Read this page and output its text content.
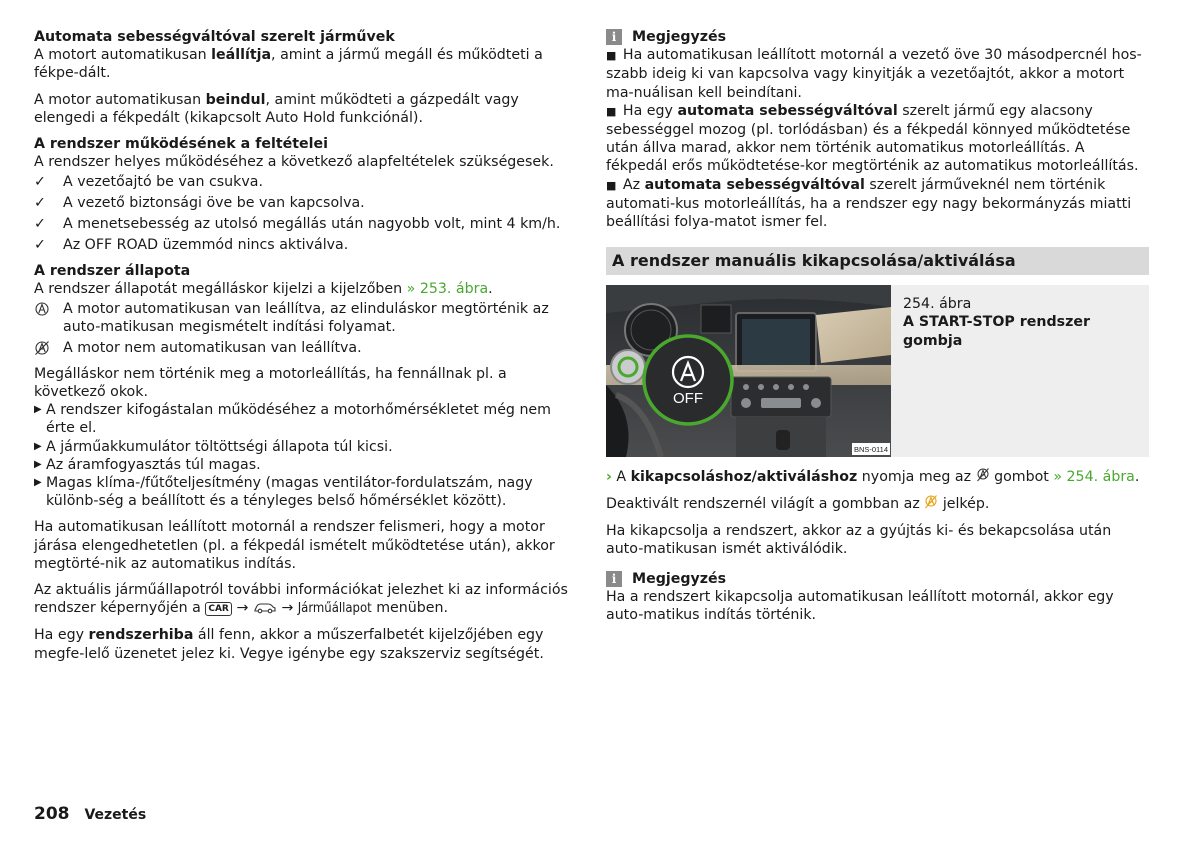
Automata sebességváltóval szerelt járművek

A motort automatikusan leállítja, amint a jármű megáll és működteti a fékpe-dált.

A motor automatikusan beindul, amint működteti a gázpedált vagy elengedi a fékpedált (kikapcsolt Auto Hold funkciónál).

A rendszer működésének a feltételei

A rendszer helyes működéséhez a következő alapfeltételek szükségesek.

✓ A vezetőajtó be van csukva.
✓ A vezető biztonsági öve be van kapcsolva.
✓ A menetsebesség az utolsó megállás után nagyobb volt, mint 4 km/h.
✓ Az OFF ROAD üzemmód nincs aktiválva.

A rendszer állapota

A rendszer állapotát megálláskor kijelzi a kijelzőben » 253. ábra.

A motor automatikusan van leállítva, az elinduláskor megtörténik az auto-matikusan megismételt indítási folyamat.
A motor nem automatikusan van leállítva.

Megálláskor nem történik meg a motorleállítás, ha fennállnak pl. a következő okok.

▶ A rendszer kifogástalan működéséhez a motorhőmérsékletet még nem érte el.
▶ A járműakkumulátor töltöttségi állapota túl kicsi.
▶ Az áramfogyasztás túl magas.
▶ Magas klíma-/fűtőteljesítmény (magas ventilátor-fordulatszám, nagy különb-ség a beállított és a tényleges belső hőmérséklet között).

Ha automatikusan leállított motornál a rendszer felismeri, hogy a motor járása elengedhetetlen (pl. a fékpedál ismételt működtetése után), akkor megtörté-nik az automatikus indítás.

Az aktuális járműállapotról további információkat jelezhet ki az információs rendszer képernyőjén a CAR → → Járműállapot menüben.

Ha egy rendszerhiba áll fenn, akkor a műszerfalbetét kijelzőjében egy megfe-lelő üzenetet jelez ki. Vegye igénybe egy szakszerviz segítségét.

i	Megjegyzés

■ Ha automatikusan leállított motornál a vezető öve 30 másodpercnél hos-szabb ideig ki van kapcsolva vagy kinyitják a vezetőajtót, akkor a motort ma-nuálisan kell beindítani.

■ Ha egy automata sebességváltóval szerelt jármű egy alacsony sebességgel mozog (pl. torlódásban) és a fékpedál könnyed működtetése után állva marad, akkor nem történik automatikus motorleállítás. A fékpedál erős működtetése-kor megtörténik az automatikus motorleállítás.

■ Az automata sebességváltóval szerelt járműveknél nem történik automati-kus motorleállítás, ha a rendszer egy nagy bekormányzás miatti beállítási folya-matot ismer fel.

A rendszer manuális kikapcsolása/aktiválása
OFF
BNS-0114
254. ábra
A START-STOP rendszer gombja

› A kikapcsoláshoz/aktiváláshoz nyomja meg az  gombot » 254. ábra.

Deaktivált rendszernél világít a gombban az  jelkép.

Ha kikapcsolja a rendszert, akkor az a gyújtás ki- és bekapcsolása után auto-matikusan ismét aktiválódik.

i	Megjegyzés

Ha a rendszert kikapcsolja automatikusan leállított motornál, akkor egy auto-matikus indítás történik.

208 Vezetés
